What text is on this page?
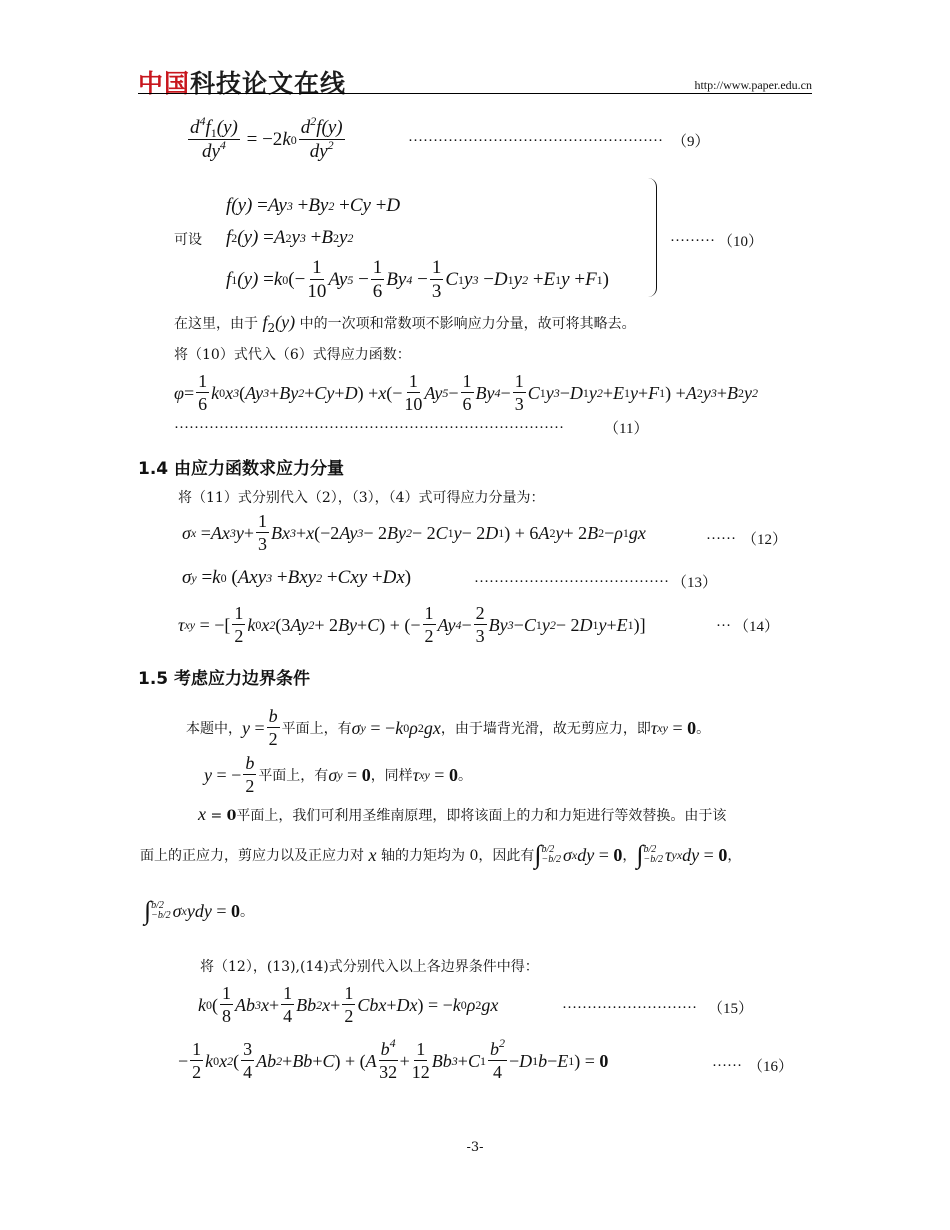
中国科技论文在线	http://www.paper.edu.cn
$\frac{d^4f_1(y)}{dy^4} = -2$ k $0 \frac{d^2f(y)}{dy^2}$	…………………………………………… （9）
可设
f(y) = Ay 3 + By 2 + Cy + D
f 2 (y) = A 2 y 3 + B 2 y 2
f 1 (y) = k 0 (− $\frac{1}{10}$ Ay $5 - \frac{1}{6}$ By $4 - \frac{1}{3}$ C 1 y 3 − D 1 y 2 + E 1 y + F 1 )
……… （10）
在这里，由于 $f_2(y)$ 中的一次项和常数项不影响应力分量，故可将其略去。
将（10）式代入（6）式得应力函数：
$\varphi = \frac{1}{6}$ k 0 x 3 ( Ay 3 + By 2 + Cy + D ) + x (− $\frac{1}{10}$ Ay $5 - \frac{1}{6}$ By $4 - \frac{1}{3}$ C 1 y 3 − D 1 y 2 + E 1 y + F 1 ) + A 2 y 3 + B 2 y 2
……………………………………………………………………	（11）
1.4 由应力函数求应力分量
将（11）式分别代入（2），（3），（4）式可得应力分量为：
σ x = Ax 3 $y + \frac{1}{3}$ Bx 3 + x (−2 Ay 3 − 2 By 2 − 2 C 1 y − 2 D 1 ) + 6 A 2 y + 2 B 2 − ρ 1 gx	…… （12）
σ y = k 0 ( Axy 3 + Bxy 2 + Cxy + Dx )	………………………………… （13）
τ xy = −[ $\frac{1}{2}$ k 0 x 2 (3 Ay 2 + 2 By + C ) + (− $\frac{1}{2}$ Ay $4 - \frac{2}{3}$ By 3 − C 1 y 2 − 2 D 1 y + E 1 )]	… （14）
1.5 考虑应力边界条件
本题中， $y = \frac{b}{2}$ 平面上，有 σ y = − k 0 ρ 2 gx ，由于墙背光滑，故无剪应力，即 τ xy = 0 。
y = − $\frac{b}{2}$ 平面上，有 σ y = 0 ，同样 τ xy = 0 。
x = 0平面上，我们可利用圣维南原理，即将该面上的力和力矩进行等效替换。由于该
面上的正应力，剪应力以及正应力对 x 轴的力矩均为 0，因此有 ∫ b/2
−b/2 σ x dy = 0 ， ∫ b/2
−b/2 τ yx dy = 0 ，
∫ b/2
−b/2 σ x ydy = 0 。
将（12），(13),(14)式分别代入以上各边界条件中得：
k 0 ( $\frac{1}{8}$ Ab 3 $x + \frac{1}{4}$ Bb 2 $x + \frac{1}{2}$ Cbx + Dx ) = − k 0 ρ 2 gx	……………………… （15）
− $\frac{1}{2}$ k 0 x 2 ( $\frac{3}{4}$ Ab 2 + Bb + C ) + ( A $\frac{b^4}{32} + \frac{1}{12}$ Bb 3 + C $1 \frac{b^2}{4} - D$ 1 b − E 1 ) = 0	…… （16）
-3-
